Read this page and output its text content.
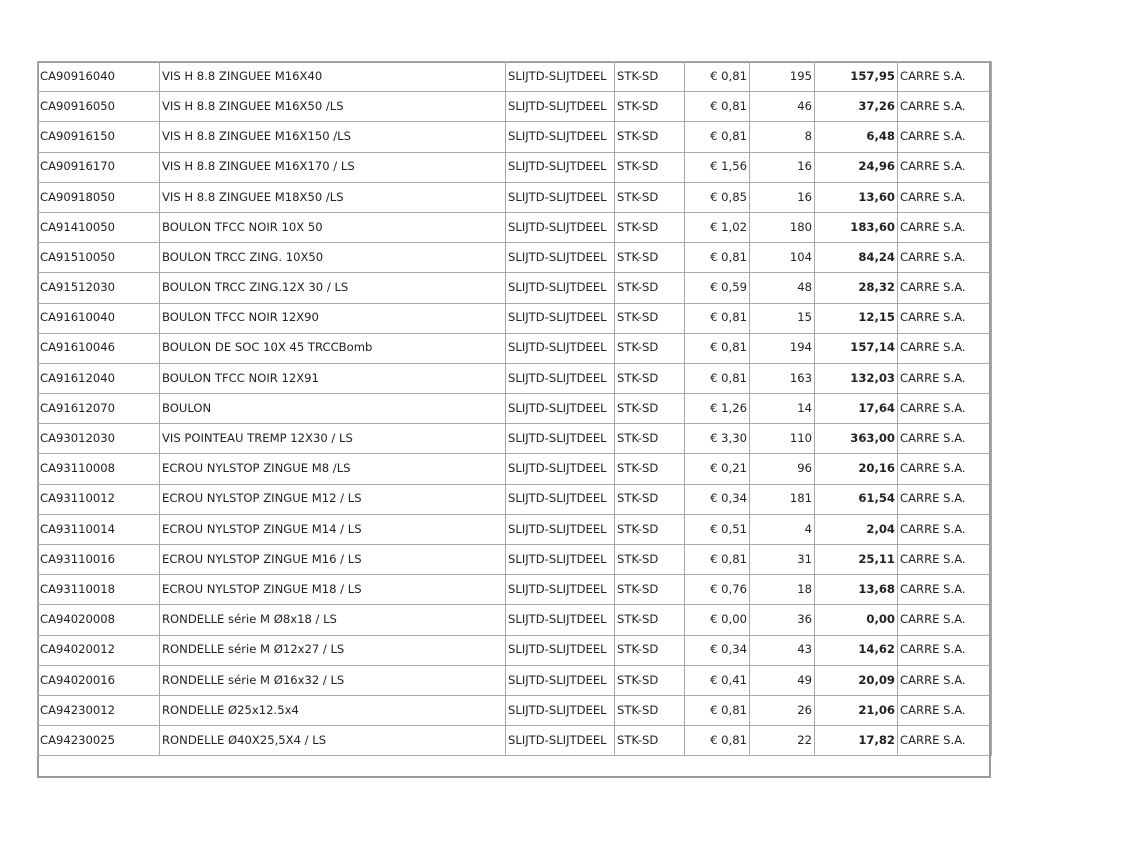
CA90916040	VIS H 8.8 ZINGUEE M16X40	SLIJTD-SLIJTDEEL	STK-SD	€ 0,81	195	157,95	CARRE S.A.
CA90916050	VIS H 8.8 ZINGUEE M16X50 /LS	SLIJTD-SLIJTDEEL	STK-SD	€ 0,81	46	37,26	CARRE S.A.
CA90916150	VIS H 8.8 ZINGUEE M16X150 /LS	SLIJTD-SLIJTDEEL	STK-SD	€ 0,81	8	6,48	CARRE S.A.
CA90916170	VIS H 8.8 ZINGUEE M16X170 / LS	SLIJTD-SLIJTDEEL	STK-SD	€ 1,56	16	24,96	CARRE S.A.
CA90918050	VIS H 8.8 ZINGUEE M18X50 /LS	SLIJTD-SLIJTDEEL	STK-SD	€ 0,85	16	13,60	CARRE S.A.
CA91410050	BOULON TFCC NOIR 10X 50	SLIJTD-SLIJTDEEL	STK-SD	€ 1,02	180	183,60	CARRE S.A.
CA91510050	BOULON TRCC ZING. 10X50	SLIJTD-SLIJTDEEL	STK-SD	€ 0,81	104	84,24	CARRE S.A.
CA91512030	BOULON TRCC ZING.12X 30 / LS	SLIJTD-SLIJTDEEL	STK-SD	€ 0,59	48	28,32	CARRE S.A.
CA91610040	BOULON TFCC NOIR 12X90	SLIJTD-SLIJTDEEL	STK-SD	€ 0,81	15	12,15	CARRE S.A.
CA91610046	BOULON DE SOC 10X 45 TRCCBomb	SLIJTD-SLIJTDEEL	STK-SD	€ 0,81	194	157,14	CARRE S.A.
CA91612040	BOULON TFCC NOIR 12X91	SLIJTD-SLIJTDEEL	STK-SD	€ 0,81	163	132,03	CARRE S.A.
CA91612070	BOULON	SLIJTD-SLIJTDEEL	STK-SD	€ 1,26	14	17,64	CARRE S.A.
CA93012030	VIS POINTEAU TREMP 12X30 / LS	SLIJTD-SLIJTDEEL	STK-SD	€ 3,30	110	363,00	CARRE S.A.
CA93110008	ECROU NYLSTOP ZINGUE M8 /LS	SLIJTD-SLIJTDEEL	STK-SD	€ 0,21	96	20,16	CARRE S.A.
CA93110012	ECROU NYLSTOP ZINGUE M12 / LS	SLIJTD-SLIJTDEEL	STK-SD	€ 0,34	181	61,54	CARRE S.A.
CA93110014	ECROU NYLSTOP ZINGUE M14 / LS	SLIJTD-SLIJTDEEL	STK-SD	€ 0,51	4	2,04	CARRE S.A.
CA93110016	ECROU NYLSTOP ZINGUE M16 / LS	SLIJTD-SLIJTDEEL	STK-SD	€ 0,81	31	25,11	CARRE S.A.
CA93110018	ECROU NYLSTOP ZINGUE M18 / LS	SLIJTD-SLIJTDEEL	STK-SD	€ 0,76	18	13,68	CARRE S.A.
CA94020008	RONDELLE série M Ø8x18 / LS	SLIJTD-SLIJTDEEL	STK-SD	€ 0,00	36	0,00	CARRE S.A.
CA94020012	RONDELLE série M Ø12x27 / LS	SLIJTD-SLIJTDEEL	STK-SD	€ 0,34	43	14,62	CARRE S.A.
CA94020016	RONDELLE série M Ø16x32 / LS	SLIJTD-SLIJTDEEL	STK-SD	€ 0,41	49	20,09	CARRE S.A.
CA94230012	RONDELLE Ø25x12.5x4	SLIJTD-SLIJTDEEL	STK-SD	€ 0,81	26	21,06	CARRE S.A.
CA94230025	RONDELLE Ø40X25,5X4 / LS	SLIJTD-SLIJTDEEL	STK-SD	€ 0,81	22	17,82	CARRE S.A.
